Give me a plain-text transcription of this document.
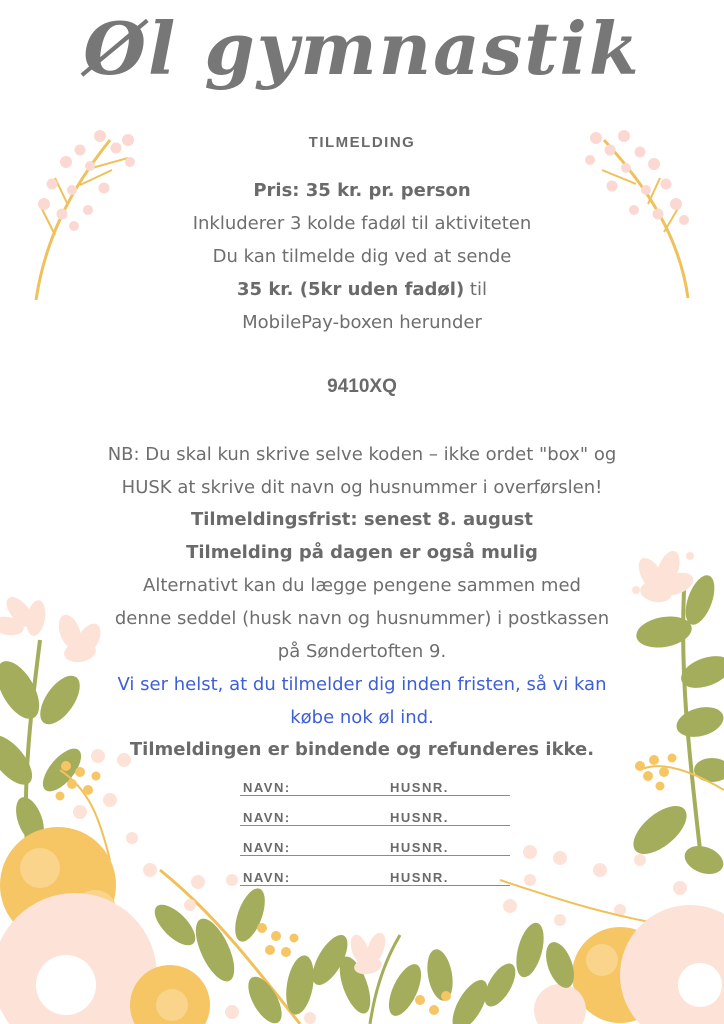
Øl gymnastik
TILMELDING
Pris: 35 kr. pr. person
Inkluderer 3 kolde fadøl til aktiviteten
Du kan tilmelde dig ved at sende
35 kr. (5kr uden fadøl) til
MobilePay-boxen herunder
9410XQ
NB: Du skal kun skrive selve koden – ikke ordet "box" og
HUSK at skrive dit navn og husnummer i overførslen!
Tilmeldingsfrist: senest 8. august
Tilmelding på dagen er også mulig
Alternativt kan du lægge pengene sammen med
denne seddel (husk navn og husnummer) i postkassen
på Søndertoften 9.
Vi ser helst, at du tilmelder dig inden fristen, så vi kan
købe nok øl ind.
Tilmeldingen er bindende og refunderes ikke.
NAVN:	HUSNR.
NAVN:	HUSNR.
NAVN:	HUSNR.
NAVN:	HUSNR.
